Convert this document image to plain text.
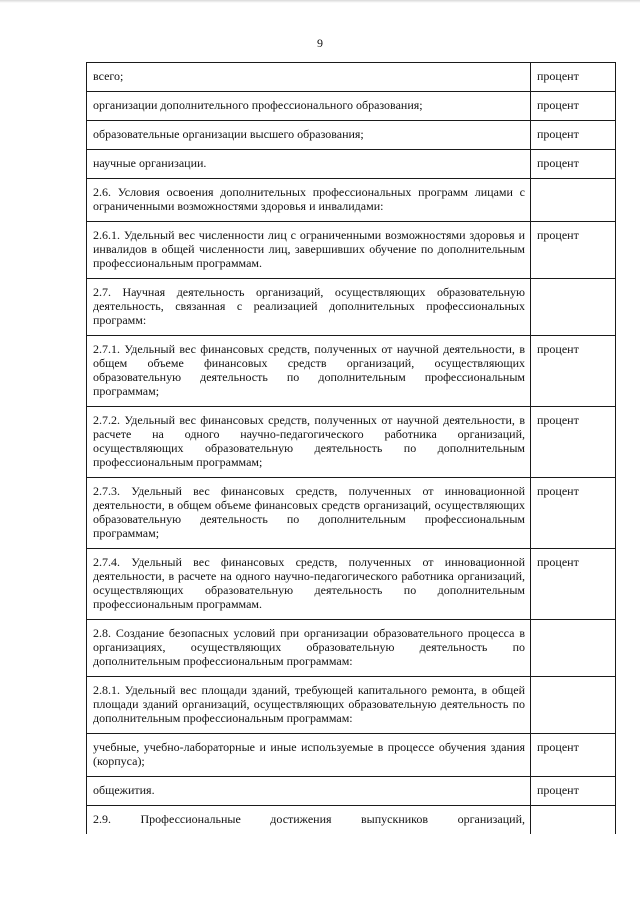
9
всего;	процент
организации дополнительного профессионального образования;	процент
образовательные организации высшего образования;	процент
научные организации.	процент
2.6. Условия освоения дополнительных профессиональных программ лицами с ограниченными возможностями здоровья и инвалидами:	
2.6.1. Удельный вес численности лиц с ограниченными возможностями здоровья и инвалидов в общей численности лиц, завершивших обучение по дополнительным профессиональным программам.	процент
2.7. Научная деятельность организаций, осуществляющих образовательную деятельность, связанная с реализацией дополнительных профессиональных программ:	
2.7.1. Удельный вес финансовых средств, полученных от научной деятельности, в общем объеме финансовых средств организаций, осуществляющих образовательную деятельность по дополнительным профессиональным программам;	процент
2.7.2. Удельный вес финансовых средств, полученных от научной деятельности, в расчете на одного научно-педагогического работника организаций, осуществляющих образовательную деятельность по дополнительным профессиональным программам;	процент
2.7.3. Удельный вес финансовых средств, полученных от инновационной деятельности, в общем объеме финансовых средств организаций, осуществляющих образовательную деятельность по дополнительным профессиональным программам;	процент
2.7.4. Удельный вес финансовых средств, полученных от инновационной деятельности, в расчете на одного научно-педагогического работника организаций, осуществляющих образовательную деятельность по дополнительным профессиональным программам.	процент
2.8. Создание безопасных условий при организации образовательного процесса в организациях, осуществляющих образовательную деятельность по дополнительным профессиональным программам:	
2.8.1. Удельный вес площади зданий, требующей капитального ремонта, в общей площади зданий организаций, осуществляющих образовательную деятельность по дополнительным профессиональным программам:	
учебные, учебно-лабораторные и иные используемые в процессе обучения здания (корпуса);	процент
общежития.	процент
2.9. Профессиональные достижения выпускников организаций,	
